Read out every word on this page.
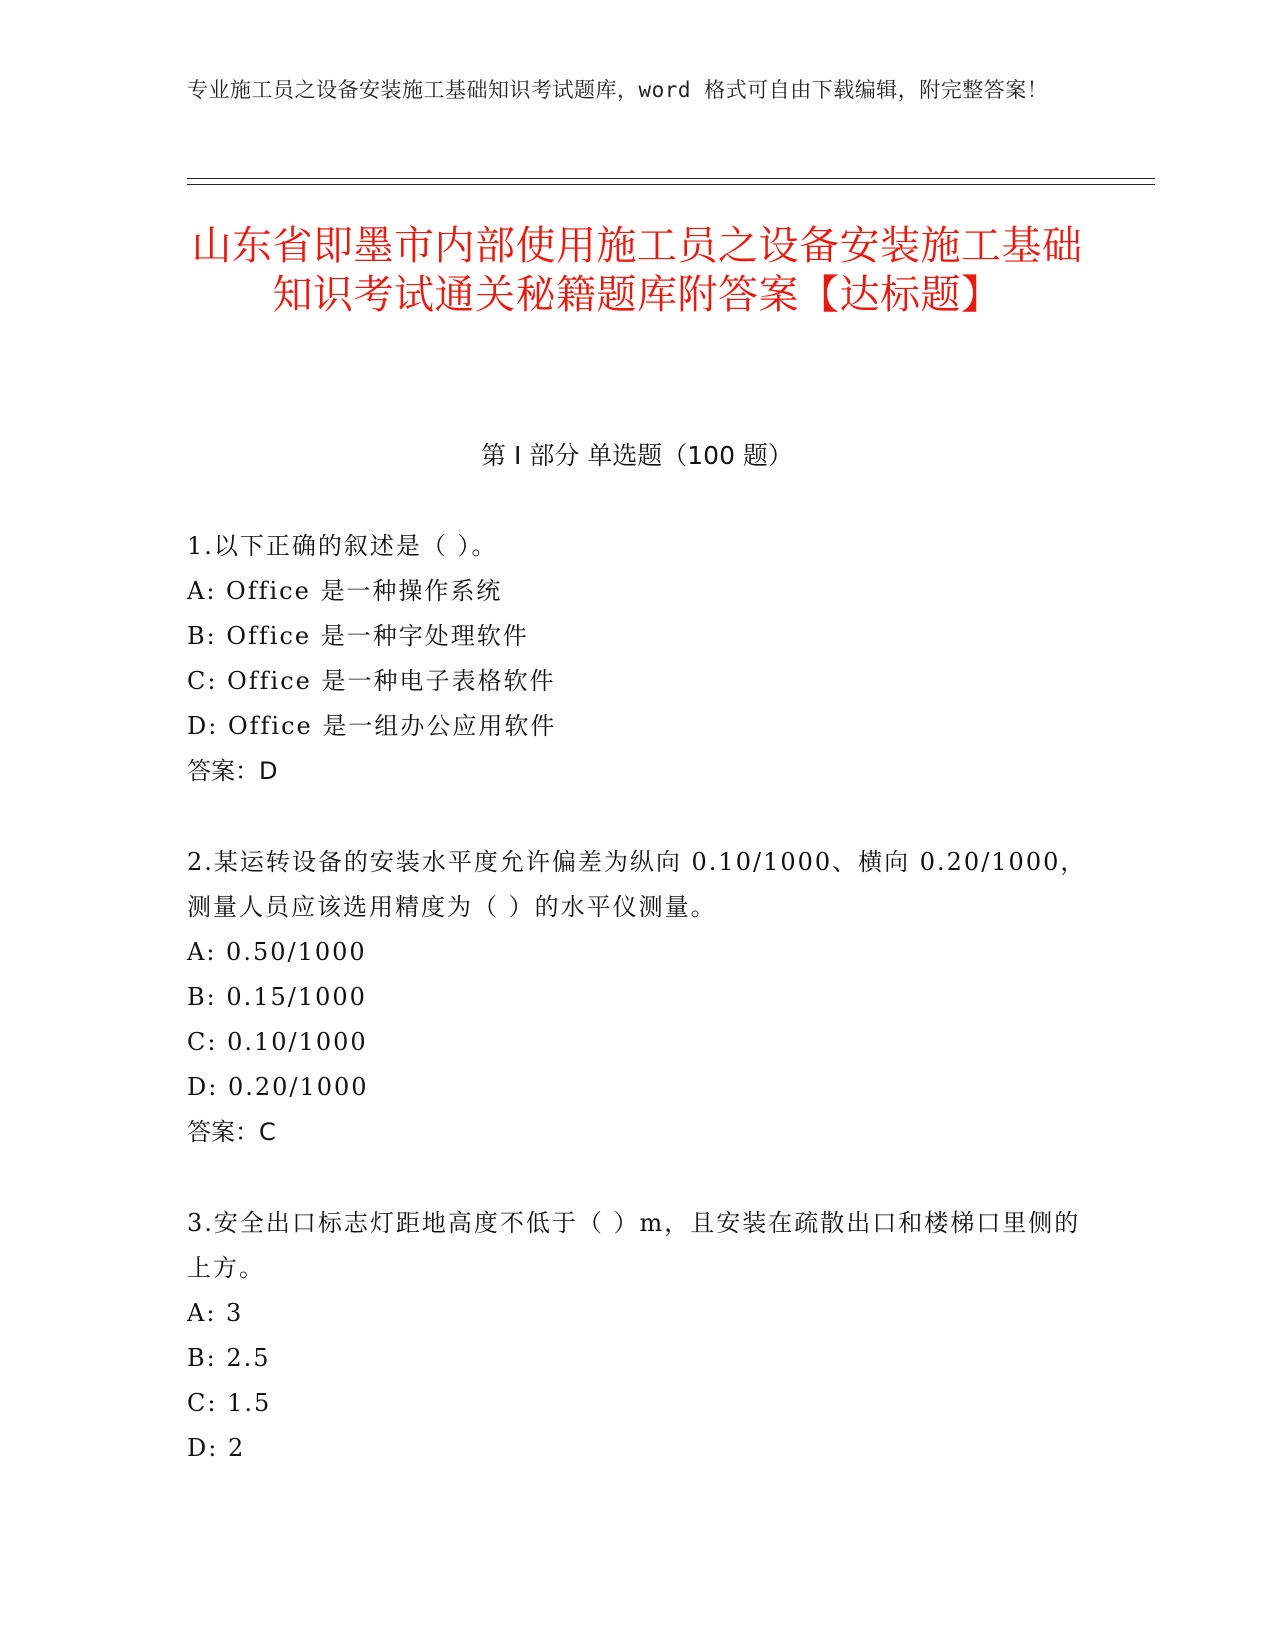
专业施工员之设备安装施工基础知识考试题库，word 格式可自由下载编辑，附完整答案！
山东省即墨市内部使用施工员之设备安装施工基础知识考试通关秘籍题库附答案【达标题】
第 I 部分 单选题（100 题）
1.以下正确的叙述是（ ）。
A: Office 是一种操作系统
B: Office 是一种字处理软件
C: Office 是一种电子表格软件
D: Office 是一组办公应用软件
答案：D
2.某运转设备的安装水平度允许偏差为纵向 0.10/1000、横向 0.20/1000，测量人员应该选用精度为（ ）的水平仪测量。
A: 0.50/1000
B: 0.15/1000
C: 0.10/1000
D: 0.20/1000
答案：C
3.安全出口标志灯距地高度不低于（ ）m，且安装在疏散出口和楼梯口里侧的上方。
A: 3
B: 2.5
C: 1.5
D: 2
